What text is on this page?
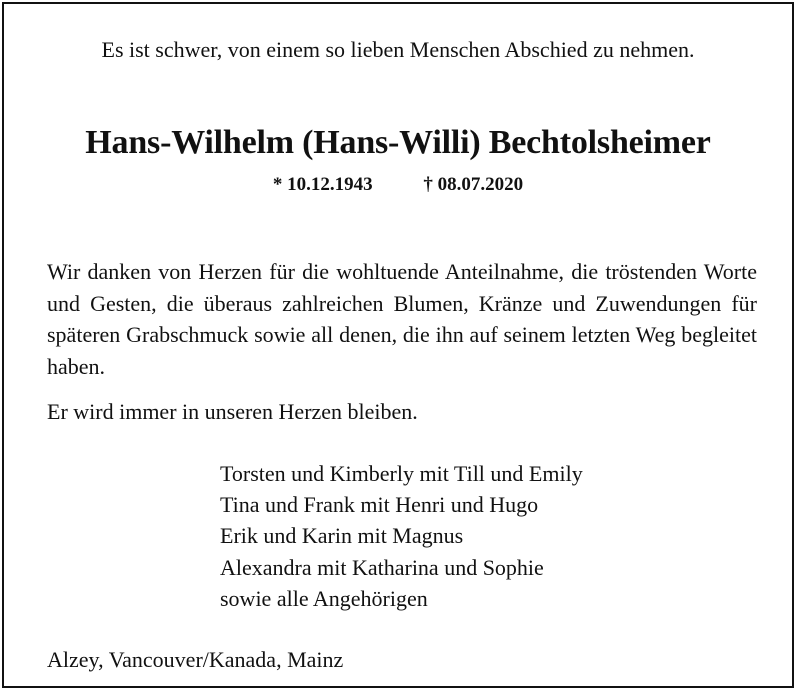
Es ist schwer, von einem so lieben Menschen Abschied zu nehmen.
Hans-Wilhelm (Hans-Willi) Bechtolsheimer
* 10.12.1943	† 08.07.2020

Wir danken von Herzen für die wohltuende Anteilnahme, die tröstenden Worte und Gesten, die überaus zahlreichen Blumen, Kränze und Zuwendungen für späteren Grabschmuck sowie all denen, die ihn auf seinem letzten Weg begleitet haben.

Er wird immer in unseren Herzen bleiben.
Torsten und Kimberly mit Till und Emily
Tina und Frank mit Henri und Hugo
Erik und Karin mit Magnus
Alexandra mit Katharina und Sophie
sowie alle Angehörigen
Alzey, Vancouver/Kanada, Mainz
